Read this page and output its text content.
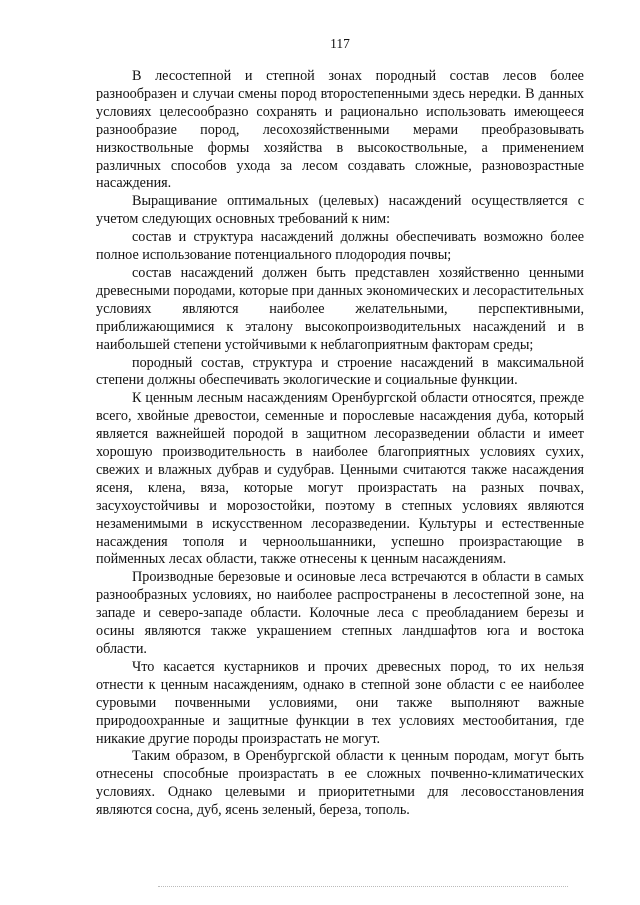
117

В лесостепной и степной зонах породный состав лесов более разнообразен и случаи смены пород второстепенными здесь нередки. В данных условиях целесообразно сохранять и рационально использовать имеющееся разнообразие пород, лесохозяйственными мерами преобразовывать низкоствольные формы хозяйства в высокоствольные, а применением различных способов ухода за лесом создавать сложные, разновозрастные насаждения.

Выращивание оптимальных (целевых) насаждений осуществляется с учетом следующих основных требований к ним:

состав и структура насаждений должны обеспечивать возможно более полное использование потенциального плодородия почвы;

состав насаждений должен быть представлен хозяйственно ценными древесными породами, которые при данных экономических и лесорастительных условиях являются наиболее желательными, перспективными, приближающимися к эталону высокопроизводительных насаждений и в наибольшей степени устойчивыми к неблагоприятным факторам среды;

породный состав, структура и строение насаждений в максимальной степени должны обеспечивать экологические и социальные функции.

К ценным лесным насаждениям Оренбургской области относятся, прежде всего, хвойные древостои, семенные и порослевые насаждения дуба, который является важнейшей породой в защитном лесоразведении области и имеет хорошую производительность в наиболее благоприятных условиях сухих, свежих и влажных дубрав и судубрав. Ценными считаются также насаждения ясеня, клена, вяза, которые могут произрастать на разных почвах, засухоустойчивы и морозостойки, поэтому в степных условиях являются незаменимыми в искусственном лесоразведении. Культуры и естественные насаждения тополя и черноольшанники, успешно произрастающие в пойменных лесах области, также отнесены к ценным насаждениям.

Производные березовые и осиновые леса встречаются в области в самых разнообразных условиях, но наиболее распространены в лесостепной зоне, на западе и северо-западе области. Колочные леса с преобладанием березы и осины являются также украшением степных ландшафтов юга и востока области.

Что касается кустарников и прочих древесных пород, то их нельзя отнести к ценным насаждениям, однако в степной зоне области с ее наиболее суровыми почвенными условиями, они также выполняют важные природоохранные и защитные функции в тех условиях местообитания, где никакие другие породы произрастать не могут.

Таким образом, в Оренбургской области к ценным породам, могут быть отнесены способные произрастать в ее сложных почвенно-климатических условиях. Однако целевыми и приоритетными для лесовосстановления являются сосна, дуб, ясень зеленый, береза, тополь.
